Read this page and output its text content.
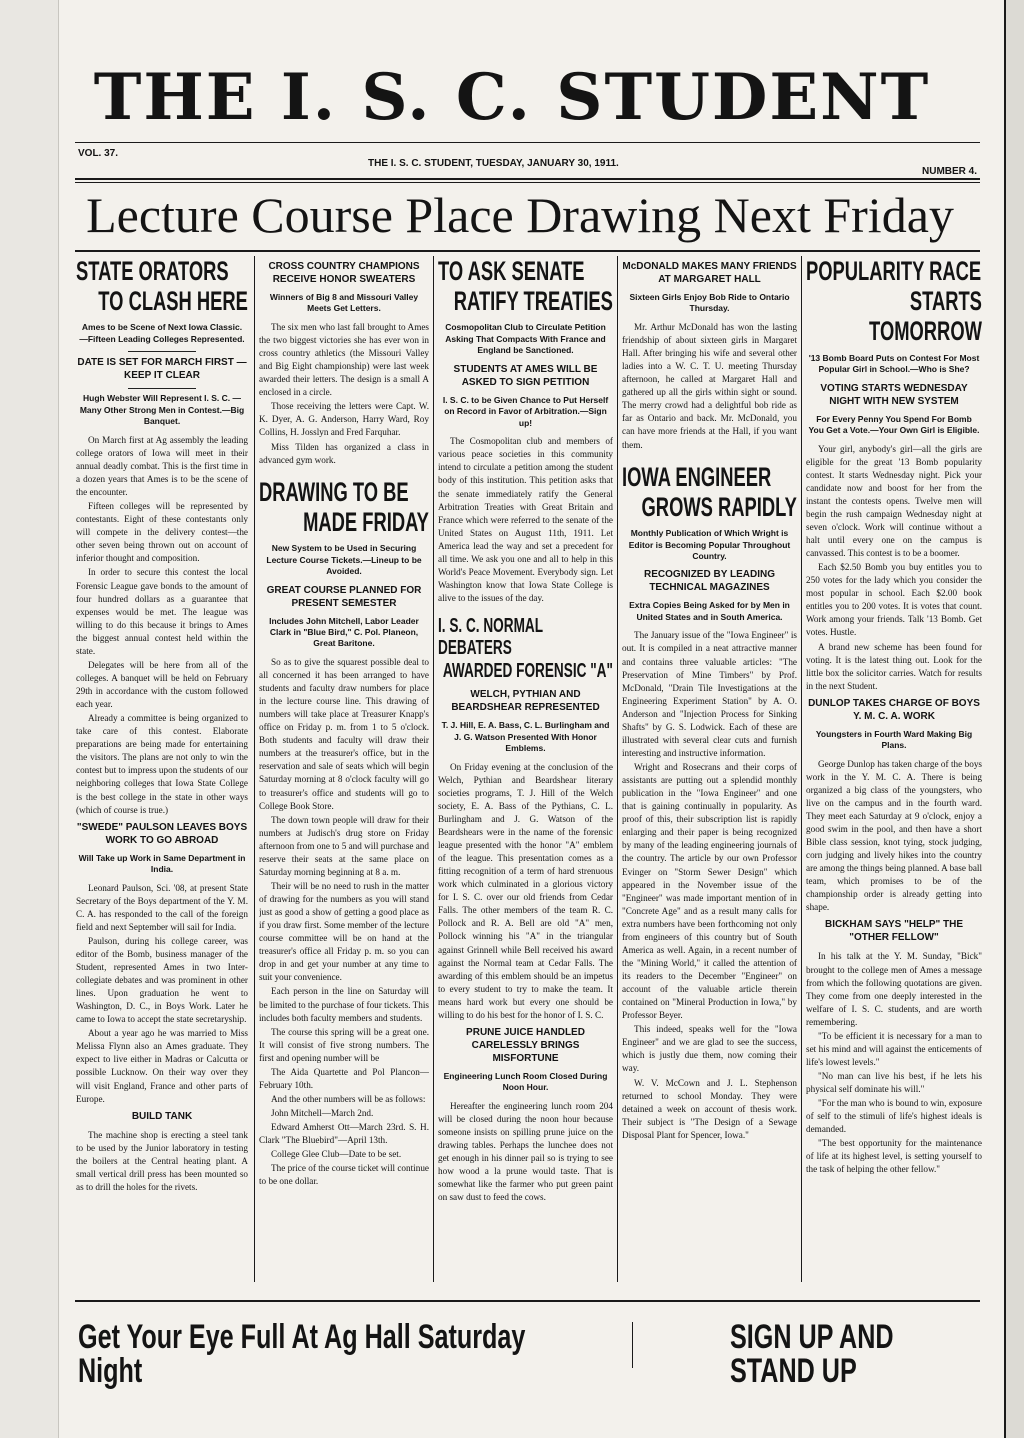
THE I. S. C. STUDENT
VOL. 37.
THE I. S. C. STUDENT, TUESDAY, JANUARY 30, 1911.
NUMBER 4.
Lecture Course Place Drawing Next Friday
STATE ORATORS
TO CLASH HERE
Ames to be Scene of Next Iowa Classic.—Fifteen Leading Colleges Represented.
DATE IS SET FOR MARCH FIRST —KEEP IT CLEAR
Hugh Webster Will Represent I. S. C. —Many Other Strong Men in Contest.—Big Banquet.

On March first at Ag assembly the leading college orators of Iowa will meet in their annual deadly combat. This is the first time in a dozen years that Ames is to be the scene of the encounter.

Fifteen colleges will be represented by contestants. Eight of these contestants only will compete in the delivery contest—the other seven being thrown out on account of inferior thought and composition.

In order to secure this contest the local Forensic League gave bonds to the amount of four hundred dollars as a guarantee that expenses would be met. The league was willing to do this because it brings to Ames the biggest annual contest held within the state.

Delegates will be here from all of the colleges. A banquet will be held on February 29th in accordance with the custom followed each year.

Already a committee is being organized to take care of this contest. Elaborate preparations are being made for entertaining the visitors. The plans are not only to win the contest but to impress upon the students of our neighboring colleges that Iowa State College is the best college in the state in other ways (which of course is true.)

"SWEDE" PAULSON LEAVES BOYS WORK TO GO ABROAD
Will Take up Work in Same Department in India.

Leonard Paulson, Sci. '08, at present State Secretary of the Boys department of the Y. M. C. A. has responded to the call of the foreign field and next September will sail for India.

Paulson, during his college career, was editor of the Bomb, business manager of the Student, represented Ames in two Inter-collegiate debates and was prominent in other lines. Upon graduation he went to Washington, D. C., in Boys Work. Later he came to Iowa to accept the state secretaryship.

About a year ago he was married to Miss Melissa Flynn also an Ames graduate. They expect to live either in Madras or Calcutta or possible Lucknow. On their way over they will visit England, France and other parts of Europe.

BUILD TANK

The machine shop is erecting a steel tank to be used by the Junior laboratory in testing the boilers at the Central heating plant. A small vertical drill press has been mounted so as to drill the holes for the rivets.

CROSS COUNTRY CHAMPIONS RECEIVE HONOR SWEATERS
Winners of Big 8 and Missouri Valley Meets Get Letters.

The six men who last fall brought to Ames the two biggest victories she has ever won in cross country athletics (the Missouri Valley and Big Eight championship) were last week awarded their letters. The design is a small A enclosed in a circle.

Those receiving the letters were Capt. W. K. Dyer, A. G. Anderson, Harry Ward, Roy Collins, H. Josslyn and Fred Farquhar.

Miss Tilden has organized a class in advanced gym work.

DRAWING TO BE
MADE FRIDAY
New System to be Used in Securing Lecture Course Tickets.—Lineup to be Avoided.
GREAT COURSE PLANNED FOR PRESENT SEMESTER
Includes John Mitchell, Labor Leader Clark in "Blue Bird," C. Pol. Planeon, Great Baritone.

So as to give the squarest possible deal to all concerned it has been arranged to have students and faculty draw numbers for place in the lecture course line. This drawing of numbers will take place at Treasurer Knapp's office on Friday p. m. from 1 to 5 o'clock. Both students and faculty will draw their numbers at the treasurer's office, but in the reservation and sale of seats which will begin Saturday morning at 8 o'clock faculty will go to treasurer's office and students will go to College Book Store.

The down town people will draw for their numbers at Judisch's drug store on Friday afternoon from one to 5 and will purchase and reserve their seats at the same place on Saturday morning beginning at 8 a. m.

Their will be no need to rush in the matter of drawing for the numbers as you will stand just as good a show of getting a good place as if you draw first. Some member of the lecture course committee will be on hand at the treasurer's office all Friday p. m. so you can drop in and get your number at any time to suit your convenience.

Each person in the line on Saturday will be limited to the purchase of four tickets. This includes both faculty members and students.

The course this spring will be a great one. It will consist of five strong numbers. The first and opening number will be

The Aida Quartette and Pol Plancon—February 10th.

And the other numbers will be as follows:

John Mitchell—March 2nd.

Edward Amherst Ott—March 23rd. S. H. Clark "The Bluebird"—April 13th.

College Glee Club—Date to be set.

The price of the course ticket will continue to be one dollar.

TO ASK SENATE
RATIFY TREATIES
Cosmopolitan Club to Circulate Petition Asking That Compacts With France and England be Sanctioned.
STUDENTS AT AMES WILL BE ASKED TO SIGN PETITION
I. S. C. to be Given Chance to Put Herself on Record in Favor of Arbitration.—Sign up!

The Cosmopolitan club and members of various peace societies in this community intend to circulate a petition among the student body of this institution. This petition asks that the senate immediately ratify the General Arbitration Treaties with Great Britain and France which were referred to the senate of the United States on August 11th, 1911. Let America lead the way and set a precedent for all time. We ask you one and all to help in this World's Peace Movement. Everybody sign. Let Washington know that Iowa State College is alive to the issues of the day.

I. S. C. NORMAL DEBATERS
AWARDED FORENSIC "A"
WELCH, PYTHIAN AND BEARDSHEAR REPRESENTED
T. J. Hill, E. A. Bass, C. L. Burlingham and J. G. Watson Presented With Honor Emblems.

On Friday evening at the conclusion of the Welch, Pythian and Beardshear literary societies programs, T. J. Hill of the Welch society, E. A. Bass of the Pythians, C. L. Burlingham and J. G. Watson of the Beardshears were in the name of the forensic league presented with the honor "A" emblem of the league. This presentation comes as a fitting recognition of a term of hard strenuous work which culminated in a glorious victory for I. S. C. over our old friends from Cedar Falls. The other members of the team R. C. Pollock and R. A. Bell are old "A" men, Pollock winning his "A" in the triangular against Grinnell while Bell received his award against the Normal team at Cedar Falls. The awarding of this emblem should be an impetus to every student to try to make the team. It means hard work but every one should be willing to do his best for the honor of I. S. C.

PRUNE JUICE HANDLED CARELESSLY BRINGS MISFORTUNE
Engineering Lunch Room Closed During Noon Hour.

Hereafter the engineering lunch room 204 will be closed during the noon hour because someone insists on spilling prune juice on the drawing tables. Perhaps the lunchee does not get enough in his dinner pail so is trying to see how wood a la prune would taste. That is somewhat like the farmer who put green paint on saw dust to feed the cows.

McDONALD MAKES MANY FRIENDS AT MARGARET HALL
Sixteen Girls Enjoy Bob Ride to Ontario Thursday.

Mr. Arthur McDonald has won the lasting friendship of about sixteen girls in Margaret Hall. After bringing his wife and several other ladies into a W. C. T. U. meeting Thursday afternoon, he called at Margaret Hall and gathered up all the girls within sight or sound. The merry crowd had a delightful bob ride as far as Ontario and back. Mr. McDonald, you can have more friends at the Hall, if you want them.

IOWA ENGINEER
GROWS RAPIDLY
Monthly Publication of Which Wright is Editor is Becoming Popular Throughout Country.
RECOGNIZED BY LEADING TECHNICAL MAGAZINES
Extra Copies Being Asked for by Men in United States and in South America.

The January issue of the "Iowa Engineer" is out. It is compiled in a neat attractive manner and contains three valuable articles: "The Preservation of Mine Timbers" by Prof. McDonald, "Drain Tile Investigations at the Engineering Experiment Station" by A. O. Anderson and "Injection Process for Sinking Shafts" by G. S. Lodwick. Each of these are illustrated with several clear cuts and furnish interesting and instructive information.

Wright and Rosecrans and their corps of assistants are putting out a splendid monthly publication in the "Iowa Engineer" and one that is gaining continually in popularity. As proof of this, their subscription list is rapidly enlarging and their paper is being recognized by many of the leading engineering journals of the country. The article by our own Professor Evinger on "Storm Sewer Design" which appeared in the November issue of the "Engineer" was made important mention of in "Concrete Age" and as a result many calls for extra numbers have been forthcoming not only from engineers of this country but of South America as well. Again, in a recent number of the "Mining World," it called the attention of its readers to the December "Engineer" on account of the valuable article therein contained on "Mineral Production in Iowa," by Professor Beyer.

This indeed, speaks well for the "Iowa Engineer" and we are glad to see the success, which is justly due them, now coming their way.

W. V. McCown and J. L. Stephenson returned to school Monday. They were detained a week on account of thesis work. Their subject is "The Design of a Sewage Disposal Plant for Spencer, Iowa."

POPULARITY RACE
STARTS TOMORROW
'13 Bomb Board Puts on Contest For Most Popular Girl in School.—Who is She?
VOTING STARTS WEDNESDAY NIGHT WITH NEW SYSTEM
For Every Penny You Spend For Bomb You Get a Vote.—Your Own Girl is Eligible.

Your girl, anybody's girl—all the girls are eligible for the great '13 Bomb popularity contest. It starts Wednesday night. Pick your candidate now and boost for her from the instant the contests opens. Twelve men will begin the rush campaign Wednesday night at seven o'clock. Work will continue without a halt until every one on the campus is canvassed. This contest is to be a boomer.

Each $2.50 Bomb you buy entitles you to 250 votes for the lady which you consider the most popular in school. Each $2.00 book entitles you to 200 votes. It is votes that count. Work among your friends. Talk '13 Bomb. Get votes. Hustle.

A brand new scheme has been found for voting. It is the latest thing out. Look for the little box the solicitor carries. Watch for results in the next Student.

DUNLOP TAKES CHARGE OF BOYS Y. M. C. A. WORK
Youngsters in Fourth Ward Making Big Plans.

George Dunlop has taken charge of the boys work in the Y. M. C. A. There is being organized a big class of the youngsters, who live on the campus and in the fourth ward. They meet each Saturday at 9 o'clock, enjoy a good swim in the pool, and then have a short Bible class session, knot tying, stock judging, corn judging and lively hikes into the country are among the things being planned. A base ball team, which promises to be of the championship order is already getting into shape.

BICKHAM SAYS "HELP" THE "OTHER FELLOW"

In his talk at the Y. M. Sunday, "Bick" brought to the college men of Ames a message from which the following quotations are given. They come from one deeply interested in the welfare of I. S. C. students, and are worth remembering.

"To be efficient it is necessary for a man to set his mind and will against the enticements of life's lowest levels."

"No man can live his best, if he lets his physical self dominate his will."

"For the man who is bound to win, exposure of self to the stimuli of life's highest ideals is demanded.

"The best opportunity for the maintenance of life at its highest level, is setting yourself to the task of helping the other fellow."

Get Your Eye Full At Ag Hall Saturday Night
SIGN UP AND STAND UP
